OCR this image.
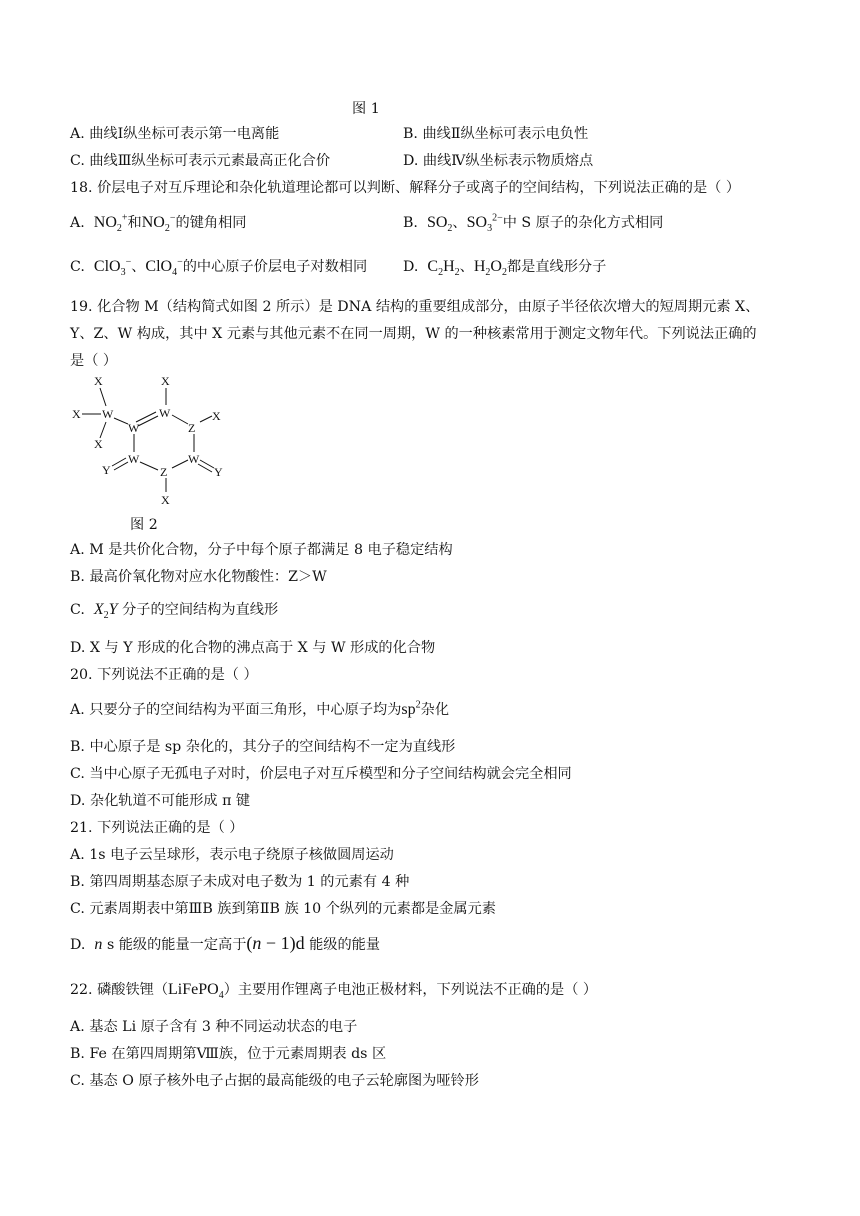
图 1
A. 曲线Ⅰ纵坐标可表示第一电离能	B. 曲线Ⅱ纵坐标可表示电负性
C. 曲线Ⅲ纵坐标可表示元素最高正化合价	D. 曲线Ⅳ纵坐标表示物质熔点
18. 价层电子对互斥理论和杂化轨道理论都可以判断、解释分子或离子的空间结构，下列说法正确的是（ ）
A. $NO_2^+$和$NO_2^-$的键角相同	B. $SO_2$、$SO_3^{2-}$中 S 原子的杂化方式相同
C. ClO$_3$−、ClO$_4$−的中心原子价层电子对数相同	D. $C_2H_2$、$H_2O_2$都是直线形分子
19. 化合物 M（结构简式如图 2 所示）是 DNA 结构的重要组成部分，由原子半径依次增大的短周期元素 X、
Y、Z、W 构成，其中 X 元素与其他元素不在同一周期，W 的一种核素常用于测定文物年代。下列说法正确的
是（ ）
X
X W
X
W
X
W
Z
X
W
Y	Z
W
Y
X
图 2
A. M 是共价化合物，分子中每个原子都满足 8 电子稳定结构
B. 最高价氧化物对应水化物酸性：Z＞W
C. $X_2Y$ 分子的空间结构为直线形
D. X 与 Y 形成的化合物的沸点高于 X 与 W 形成的化合物
20. 下列说法不正确的是（ ）
A. 只要分子的空间结构为平面三角形，中心原子均为$sp^2$杂化
B. 中心原子是 sp 杂化的，其分子的空间结构不一定为直线形
C. 当中心原子无孤电子对时，价层电子对互斥模型和分子空间结构就会完全相同
D. 杂化轨道不可能形成 π 键
21. 下列说法正确的是（ ）
A. 1s 电子云呈球形，表示电子绕原子核做圆周运动
B. 第四周期基态原子未成对电子数为 1 的元素有 4 种
C. 元素周期表中第ⅢB 族到第ⅡB 族 10 个纵列的元素都是金属元素
D. n s 能级的能量一定高于(n − 1)d 能级的能量
22. 磷酸铁锂（LiFePO$_4$）主要用作锂离子电池正极材料，下列说法不正确的是（ ）
A. 基态 Li 原子含有 3 种不同运动状态的电子
B. Fe 在第四周期第Ⅷ族，位于元素周期表 ds 区
C. 基态 O 原子核外电子占据的最高能级的电子云轮廓图为哑铃形
